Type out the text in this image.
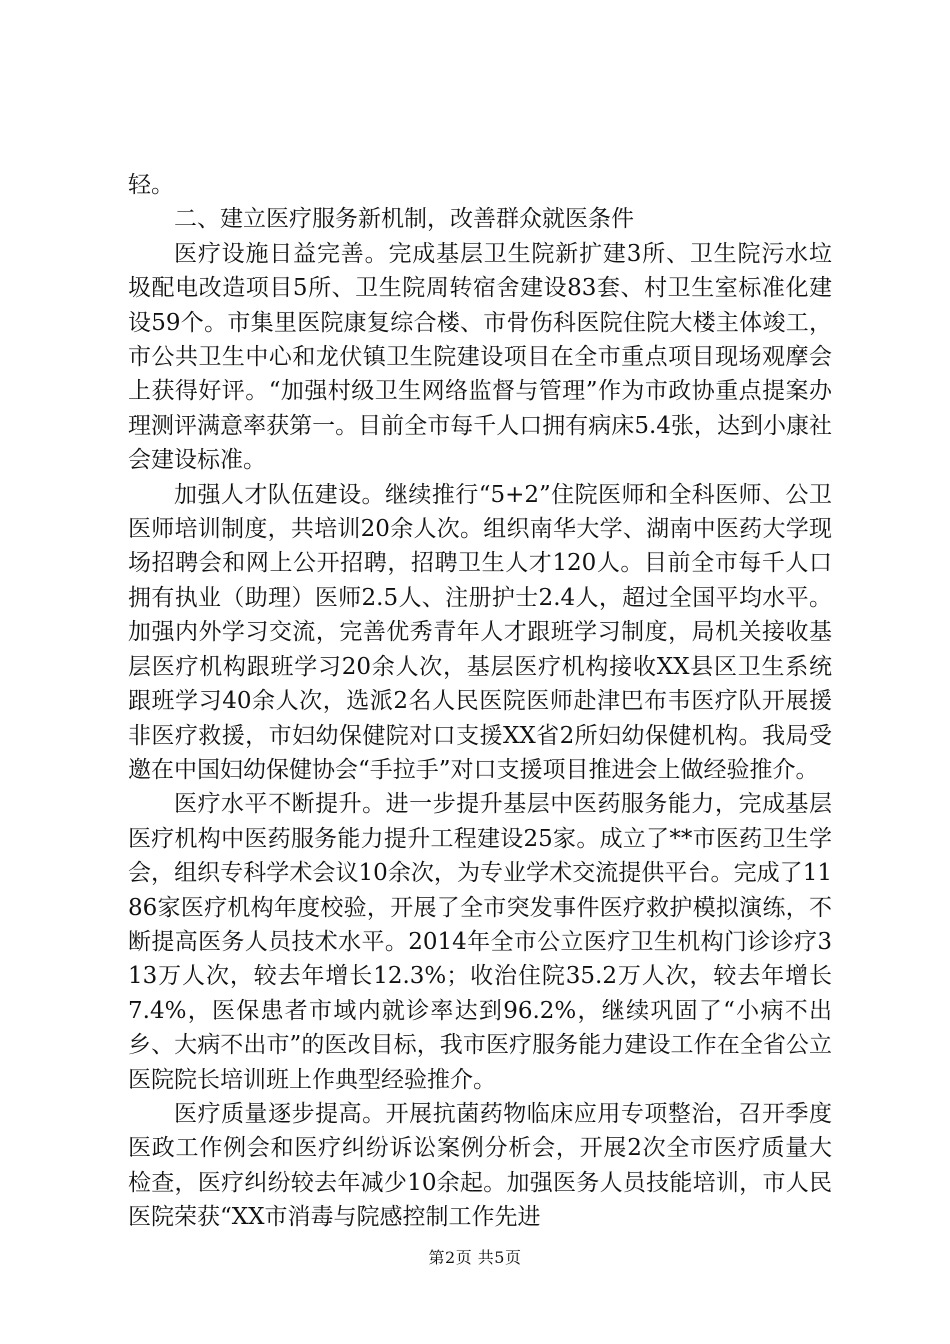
轻。

二、建立医疗服务新机制，改善群众就医条件

医疗设施日益完善。完成基层卫生院新扩建3所、卫生院污水垃圾配电改造项目5所、卫生院周转宿舍建设83套、村卫生室标准化建设59个。市集里医院康复综合楼、市骨伤科医院住院大楼主体竣工，市公共卫生中心和龙伏镇卫生院建设项目在全市重点项目现场观摩会上获得好评。“加强村级卫生网络监督与管理”作为市政协重点提案办理测评满意率获第一。目前全市每千人口拥有病床5.4张，达到小康社会建设标准。

加强人才队伍建设。继续推行“5+2”住院医师和全科医师、公卫医师培训制度，共培训20余人次。组织南华大学、湖南中医药大学现场招聘会和网上公开招聘，招聘卫生人才120人。目前全市每千人口拥有执业（助理）医师2.5人、注册护士2.4人，超过全国平均水平。加强内外学习交流，完善优秀青年人才跟班学习制度，局机关接收基层医疗机构跟班学习20余人次，基层医疗机构接收XX县区卫生系统跟班学习40余人次，选派2名人民医院医师赴津巴布韦医疗队开展援非医疗救援，市妇幼保健院对口支援XX省2所妇幼保健机构。我局受邀在中国妇幼保健协会“手拉手”对口支援项目推进会上做经验推介。

医疗水平不断提升。进一步提升基层中医药服务能力，完成基层医疗机构中医药服务能力提升工程建设25家。成立了**市医药卫生学会，组织专科学术会议10余次，为专业学术交流提供平台。完成了1186家医疗机构年度校验，开展了全市突发事件医疗救护模拟演练，不断提高医务人员技术水平。2014年全市公立医疗卫生机构门诊诊疗313万人次，较去年增长12.3%；收治住院35.2万人次，较去年增长7.4%，医保患者市域内就诊率达到96.2%，继续巩固了“小病不出乡、大病不出市”的医改目标，我市医疗服务能力建设工作在全省公立医院院长培训班上作典型经验推介。

医疗质量逐步提高。开展抗菌药物临床应用专项整治，召开季度医政工作例会和医疗纠纷诉讼案例分析会，开展2次全市医疗质量大检查，医疗纠纷较去年减少10余起。加强医务人员技能培训，市人民医院荣获“XX市消毒与院感控制工作先进

第2页 共5页
